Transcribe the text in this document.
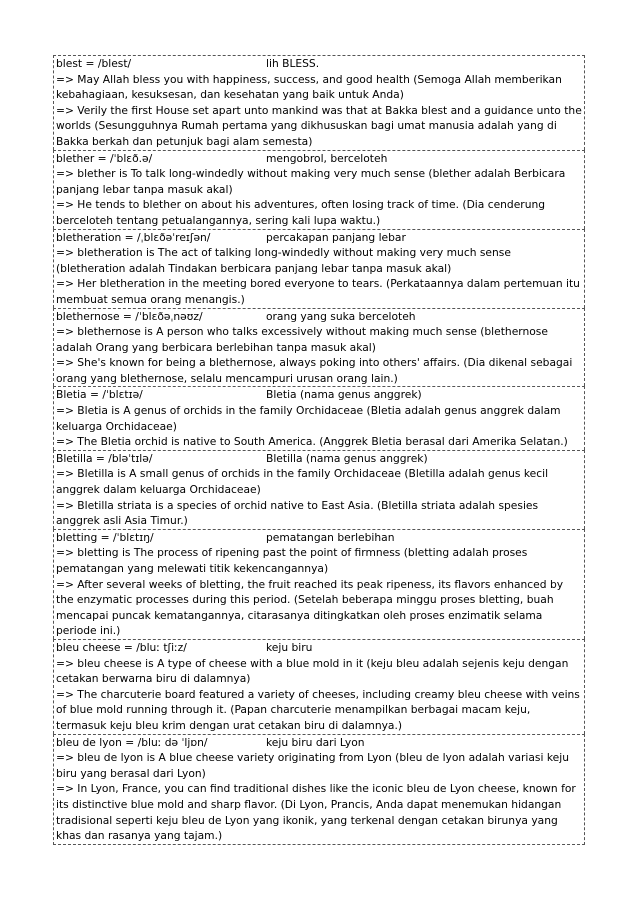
blest = /blest/	lih BLESS.
=> May Allah bless you with happiness, success, and good health (Semoga Allah memberikan kebahagiaan, kesuksesan, dan kesehatan yang baik untuk Anda)
=> Verily the first House set apart unto mankind was that at Bakka blest and a guidance unto the worlds (Sesungguhnya Rumah pertama yang dikhususkan bagi umat manusia adalah yang di Bakka berkah dan petunjuk bagi alam semesta)
blether = /ˈblɛð.ə/	mengobrol, berceloteh
=> blether is To talk long-windedly without making very much sense (blether adalah Berbicara panjang lebar tanpa masuk akal)
=> He tends to blether on about his adventures, often losing track of time. (Dia cenderung berceloteh tentang petualangannya, sering kali lupa waktu.)
bletheration = /ˌblɛðəˈreɪʃən/	percakapan panjang lebar
=> bletheration is The act of talking long-windedly without making very much sense (bletheration adalah Tindakan berbicara panjang lebar tanpa masuk akal)
=> Her bletheration in the meeting bored everyone to tears. (Perkataannya dalam pertemuan itu membuat semua orang menangis.)
blethernose = /ˈblɛðəˌnəʊz/	orang yang suka berceloteh
=> blethernose is A person who talks excessively without making much sense (blethernose adalah Orang yang berbicara berlebihan tanpa masuk akal)
=> She's known for being a blethernose, always poking into others' affairs. (Dia dikenal sebagai orang yang blethernose, selalu mencampuri urusan orang lain.)
Bletia = /ˈblɛtɪə/	Bletia (nama genus anggrek)
=> Bletia is A genus of orchids in the family Orchidaceae (Bletia adalah genus anggrek dalam keluarga Orchidaceae)
=> The Bletia orchid is native to South America. (Anggrek Bletia berasal dari Amerika Selatan.)
Bletilla = /bləˈtɪlə/	Bletilla (nama genus anggrek)
=> Bletilla is A small genus of orchids in the family Orchidaceae (Bletilla adalah genus kecil anggrek dalam keluarga Orchidaceae)
=> Bletilla striata is a species of orchid native to East Asia. (Bletilla striata adalah spesies anggrek asli Asia Timur.)
bletting = /ˈblɛtɪŋ/	pematangan berlebihan
=> bletting is The process of ripening past the point of firmness (bletting adalah proses pematangan yang melewati titik kekencangannya)
=> After several weeks of bletting, the fruit reached its peak ripeness, its flavors enhanced by the enzymatic processes during this period. (Setelah beberapa minggu proses bletting, buah mencapai puncak kematangannya, citarasanya ditingkatkan oleh proses enzimatik selama periode ini.)
bleu cheese = /bluː tʃiːz/	keju biru
=> bleu cheese is A type of cheese with a blue mold in it (keju bleu adalah sejenis keju dengan cetakan berwarna biru di dalamnya)
=> The charcuterie board featured a variety of cheeses, including creamy bleu cheese with veins of blue mold running through it. (Papan charcuterie menampilkan berbagai macam keju, termasuk keju bleu krim dengan urat cetakan biru di dalamnya.)
bleu de lyon = /bluː də ˈljɒn/	keju biru dari Lyon
=> bleu de lyon is A blue cheese variety originating from Lyon (bleu de lyon adalah variasi keju biru yang berasal dari Lyon)
=> In Lyon, France, you can find traditional dishes like the iconic bleu de Lyon cheese, known for its distinctive blue mold and sharp flavor. (Di Lyon, Prancis, Anda dapat menemukan hidangan tradisional seperti keju bleu de Lyon yang ikonik, yang terkenal dengan cetakan birunya yang khas dan rasanya yang tajam.)
